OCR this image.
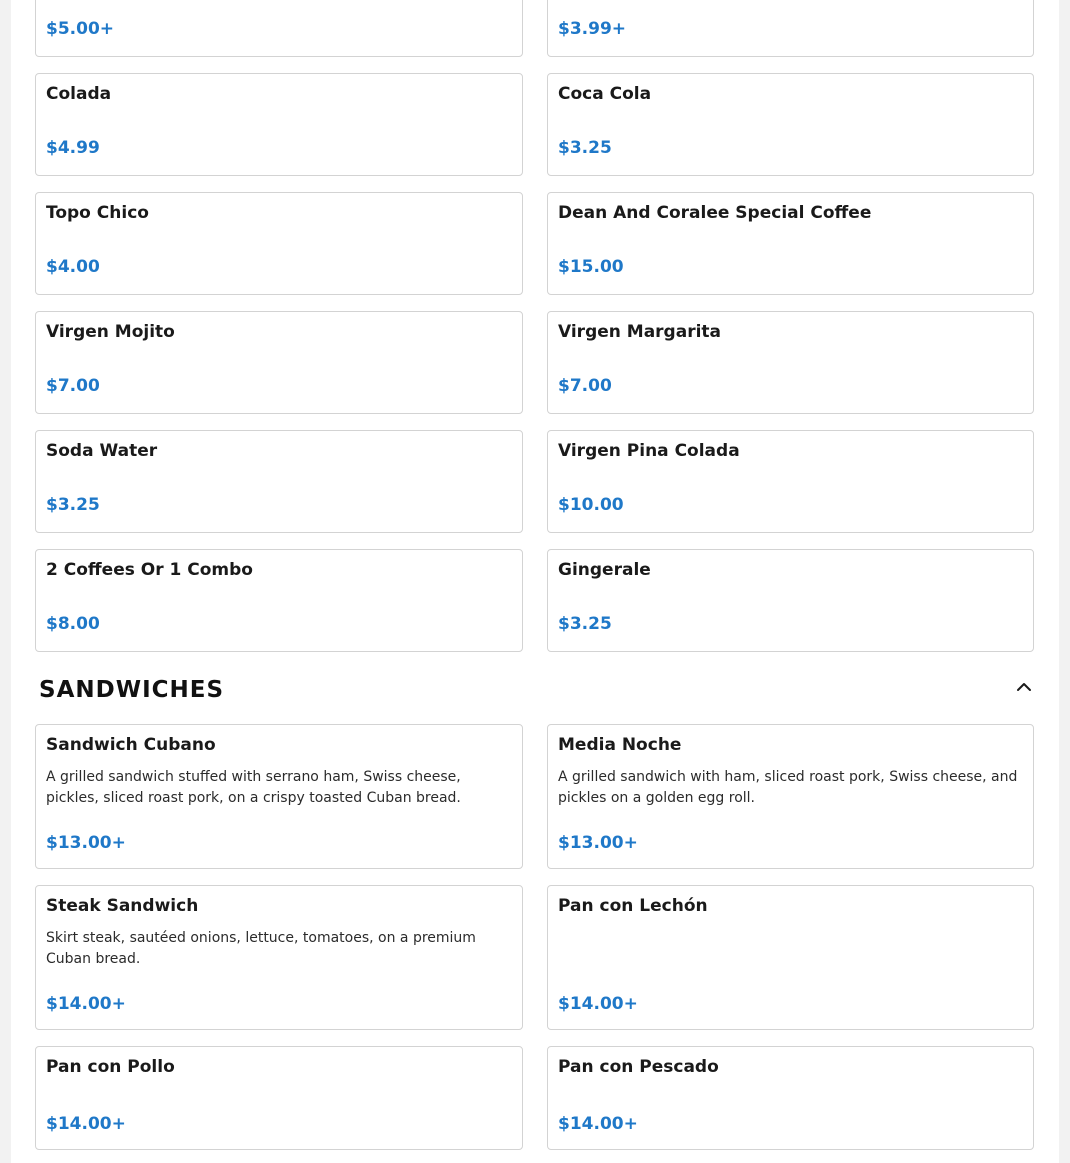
$5.00+	$3.99+
Colada
$4.99
Coca Cola
$3.25
Topo Chico
$4.00
Dean And Coralee Special Coffee
$15.00
Virgen Mojito
$7.00
Virgen Margarita
$7.00
Soda Water
$3.25
Virgen Pina Colada
$10.00
2 Coffees Or 1 Combo
$8.00
Gingerale
$3.25
SANDWICHES
Sandwich Cubano
A grilled sandwich stuffed with serrano ham, Swiss cheese, pickles, sliced roast pork, on a crispy toasted Cuban bread.
$13.00+
Media Noche
A grilled sandwich with ham, sliced roast pork, Swiss cheese, and pickles on a golden egg roll.
$13.00+
Steak Sandwich
Skirt steak, sautéed onions, lettuce, tomatoes, on a premium Cuban bread.
$14.00+
Pan con Lechón
$14.00+
Pan con Pollo
$14.00+
Pan con Pescado
$14.00+
